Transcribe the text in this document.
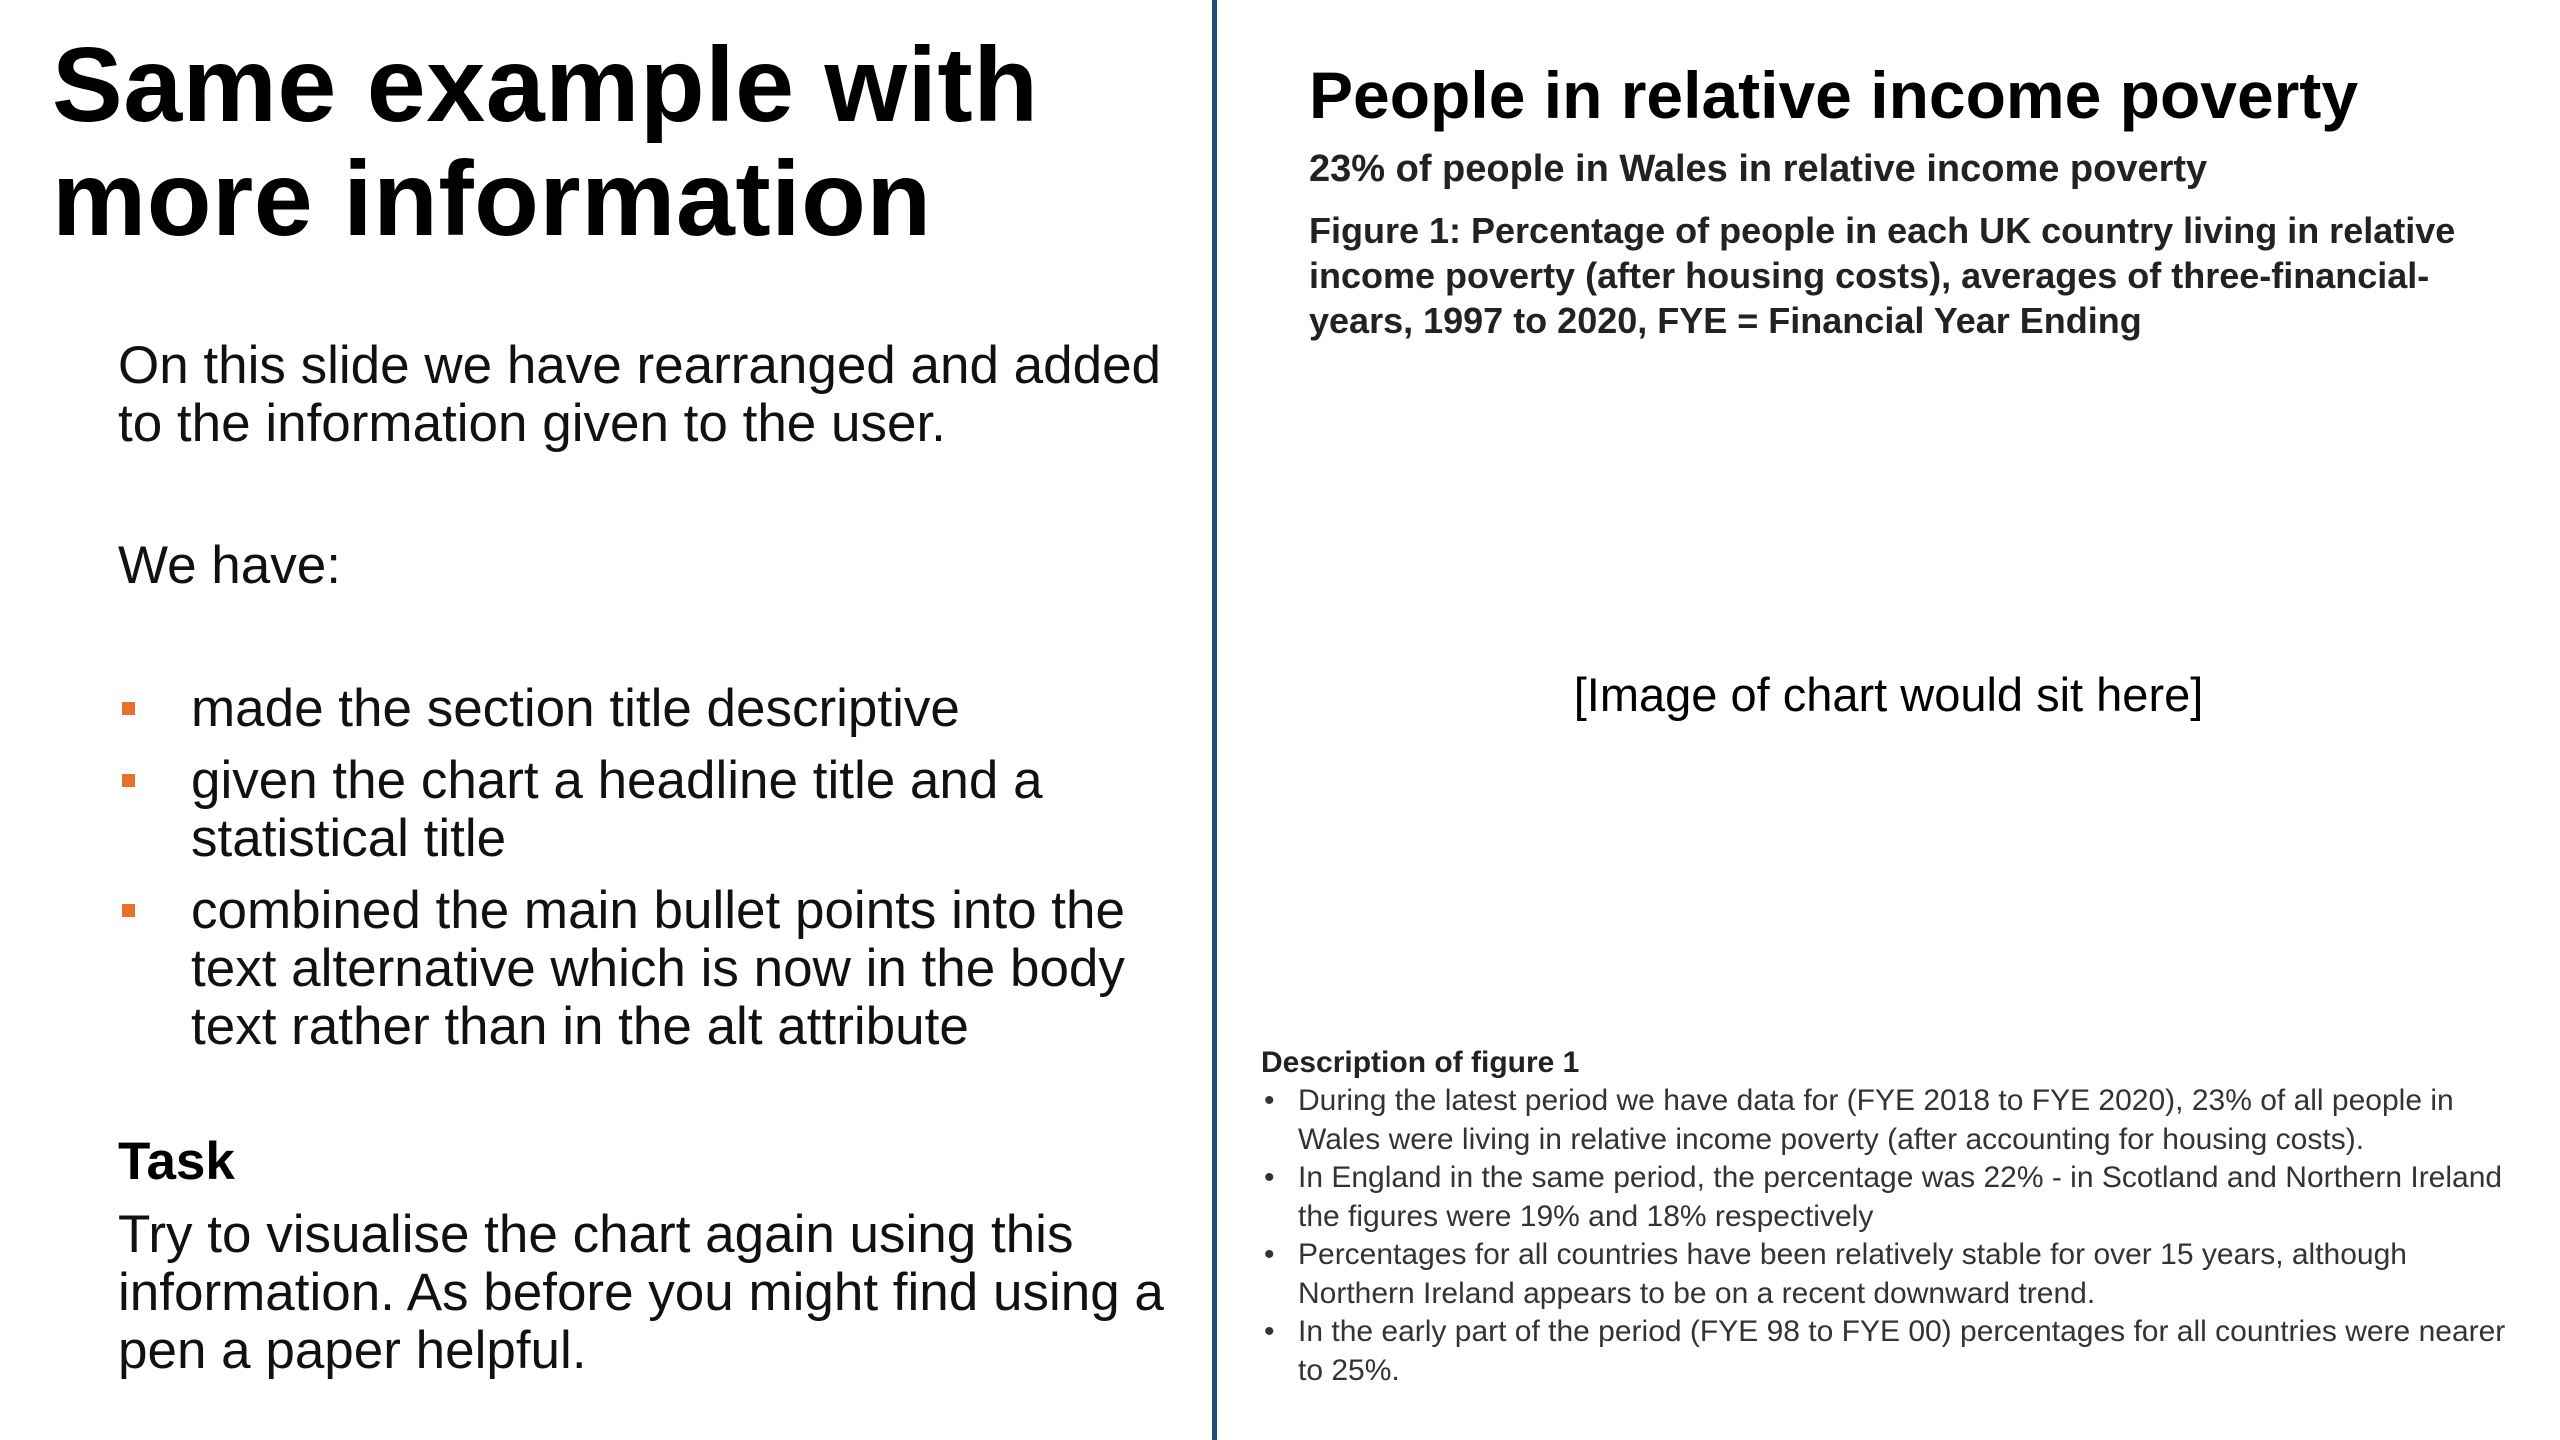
Same example with more information

On this slide we have rearranged and added to the information given to the user.

We have:

made the section title descriptive
given the chart a headline title and a statistical title
combined the main bullet points into the text alternative which is now in the body text rather than in the alt attribute

Task

Try to visualise the chart again using this information. As before you might find using a pen a paper helpful.

People in relative income poverty

23% of people in Wales in relative income poverty

Figure 1: Percentage of people in each UK country living in relative income poverty (after housing costs), averages of three-financial-years, 1997 to 2020, FYE = Financial Year Ending

[Image of chart would sit here]

Description of figure 1

• During the latest period we have data for (FYE 2018 to FYE 2020), 23% of all people in Wales were living in relative income poverty (after accounting for housing costs).
• In England in the same period, the percentage was 22% - in Scotland and Northern Ireland the figures were 19% and 18% respectively
• Percentages for all countries have been relatively stable for over 15 years, although Northern Ireland appears to be on a recent downward trend.
• In the early part of the period (FYE 98 to FYE 00) percentages for all countries were nearer to 25%.
